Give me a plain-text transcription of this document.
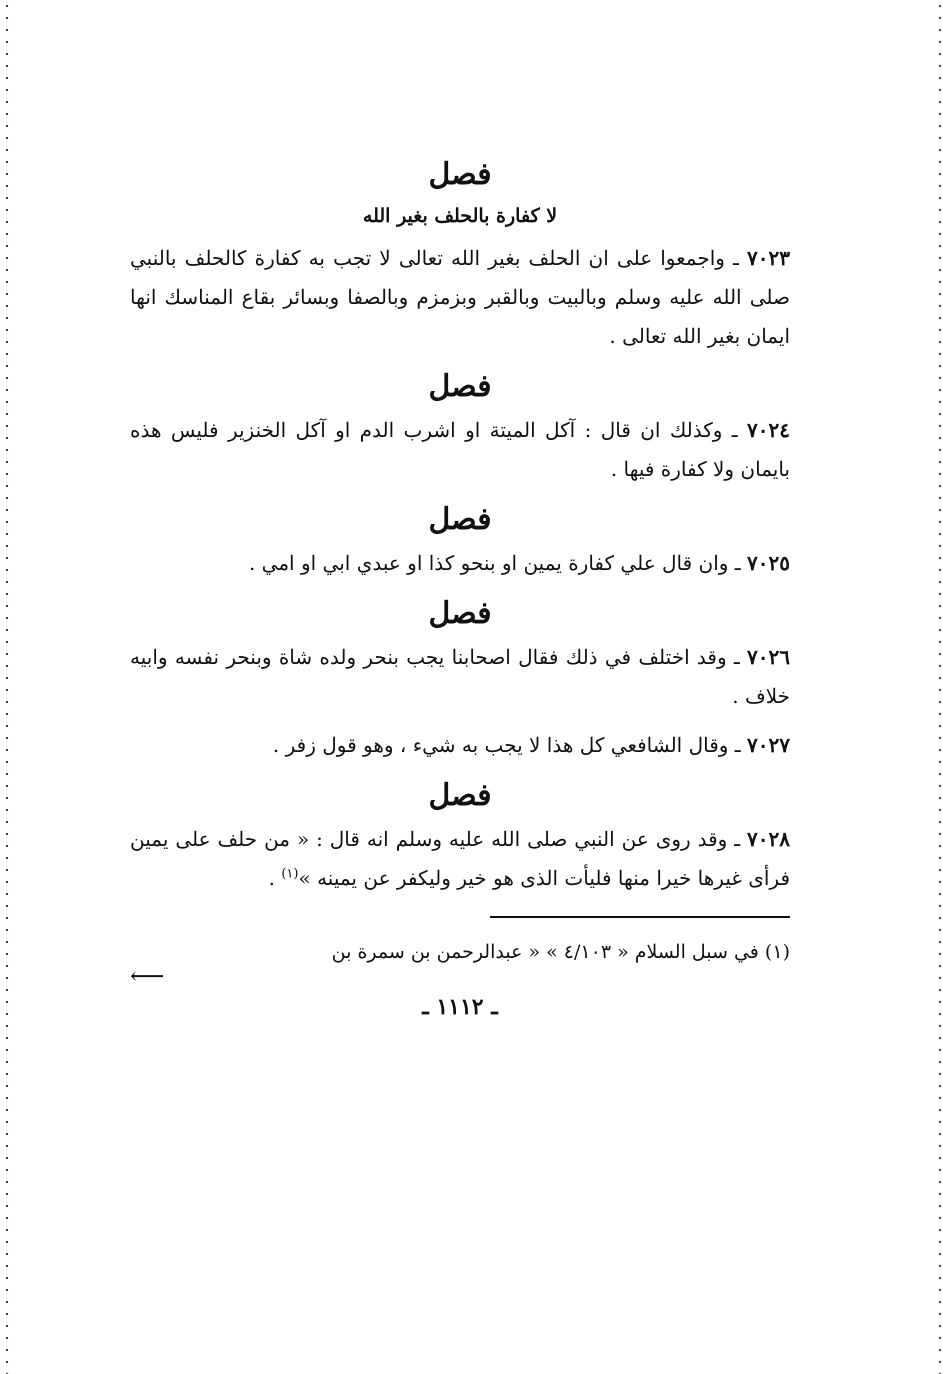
فصل
لا كفارة بالحلف بغير الله
٧٠٢٣ ـ واجمعوا على ان الحلف بغير الله تعالى لا تجب به كفارة كالحلف بالنبي صلى الله عليه وسلم وبالبيت وبالقبر وبزمزم وبالصفا وبسائر بقاع المناسك انها ايمان بغير الله تعالى .
فصل
٧٠٢٤ ـ وكذلك ان قال : آكل الميتة او اشرب الدم او آكل الخنزير فليس هذه بايمان ولا كفارة فيها .
فصل
٧٠٢٥ ـ وان قال علي كفارة يمين او بنحو كذا او عبدي ابي او امي .
فصل
٧٠٢٦ ـ وقد اختلف في ذلك فقال اصحابنا يجب بنحر ولده شاة وبنحر نفسه وابيه خلاف .
٧٠٢٧ ـ وقال الشافعي كل هذا لا يجب به شيء ، وهو قول زفر .
فصل
٧٠٢٨ ـ وقد روى عن النبي صلى الله عليه وسلم انه قال : « من حلف على يمين فرأى غيرها خيرا منها فليأت الذى هو خير وليكفر عن يمينه »$^{(١)}$ .
(١) في سبل السلام « ٤/١٠٣ » « عبدالرحمن بن سمرة بن
⟵
ـ ١١١٢ ـ
